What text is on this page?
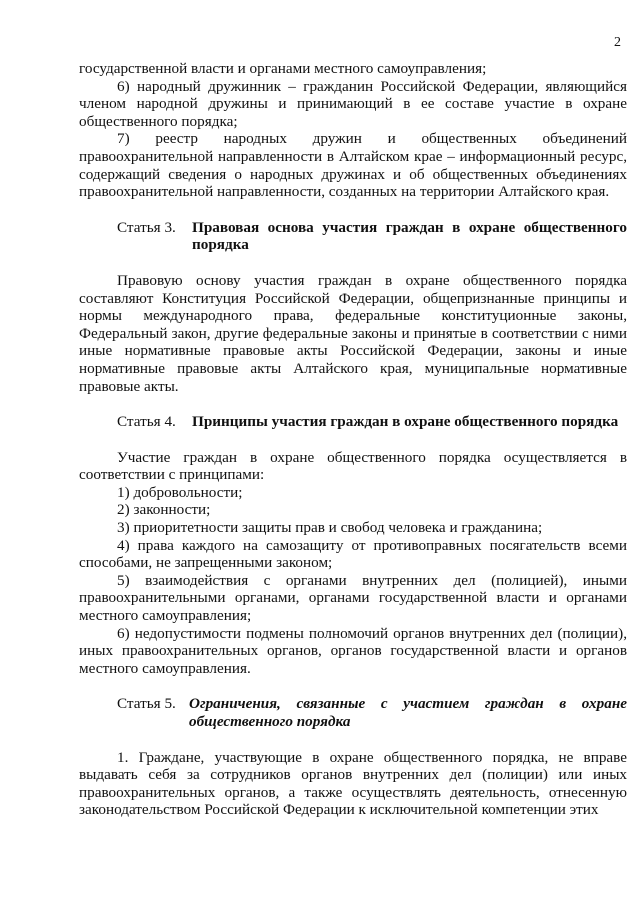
2

государственной власти и органами местного самоуправления;

6) народный дружинник – гражданин Российской Федерации, являющийся членом народной дружины и принимающий в ее составе участие в охране общественного порядка;

7) реестр народных дружин и общественных объединений правоохранительной направленности в Алтайском крае – информационный ресурс, содержащий сведения о народных дружинах и об общественных объединениях правоохранительной направленности, созданных на территории Алтайского края.

Статья 3.	Правовая основа участия граждан в охране общественного порядка

Правовую основу участия граждан в охране общественного порядка составляют Конституция Российской Федерации, общепризнанные принципы и нормы международного права, федеральные конституционные законы, Федеральный закон, другие федеральные законы и принятые в соответствии с ними иные нормативные правовые акты Российской Федерации, законы и иные нормативные правовые акты Алтайского края, муниципальные нормативные правовые акты.

Статья 4.	Принципы участия граждан в охране общественного порядка

Участие граждан в охране общественного порядка осуществляется в соответствии с принципами:

1) добровольности;

2) законности;

3) приоритетности защиты прав и свобод человека и гражданина;

4) права каждого на самозащиту от противоправных посягательств всеми способами, не запрещенными законом;

5) взаимодействия с органами внутренних дел (полицией), иными правоохранительными органами, органами государственной власти и органами местного самоуправления;

6) недопустимости подмены полномочий органов внутренних дел (полиции), иных правоохранительных органов, органов государственной власти и органов местного самоуправления.

Статья 5. Ограничения, связанные с участием граждан в охране общественного порядка

1. Граждане, участвующие в охране общественного порядка, не вправе выдавать себя за сотрудников органов внутренних дел (полиции) или иных правоохранительных органов, а также осуществлять деятельность, отнесенную законодательством Российской Федерации к исключительной компетенции этих
